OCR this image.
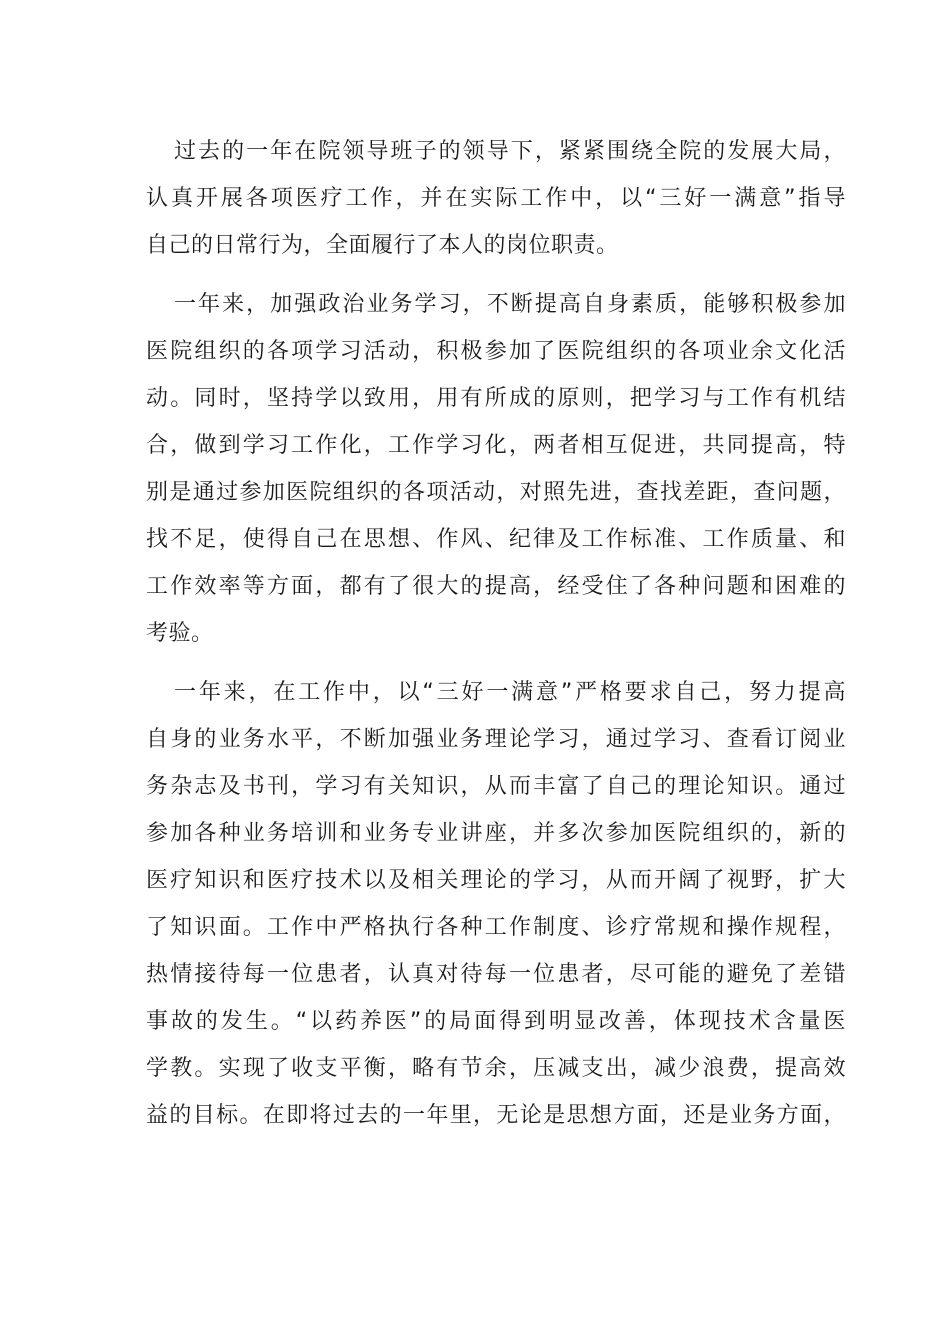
过去的一年在院领导班子的领导下，紧紧围绕全院的发展大局，
认真开展各项医疗工作，并在实际工作中，以“三好一满意”指导
自己的日常行为，全面履行了本人的岗位职责。
一年来，加强政治业务学习，不断提高自身素质，能够积极参加
医院组织的各项学习活动，积极参加了医院组织的各项业余文化活
动。同时，坚持学以致用，用有所成的原则，把学习与工作有机结
合，做到学习工作化，工作学习化，两者相互促进，共同提高，特
别是通过参加医院组织的各项活动，对照先进，查找差距，查问题，
找不足，使得自己在思想、作风、纪律及工作标准、工作质量、和
工作效率等方面，都有了很大的提高，经受住了各种问题和困难的
考验。
一年来，在工作中，以“三好一满意”严格要求自己，努力提高
自身的业务水平，不断加强业务理论学习，通过学习、查看订阅业
务杂志及书刊，学习有关知识，从而丰富了自己的理论知识。通过
参加各种业务培训和业务专业讲座，并多次参加医院组织的，新的
医疗知识和医疗技术以及相关理论的学习，从而开阔了视野，扩大
了知识面。工作中严格执行各种工作制度、诊疗常规和操作规程，
热情接待每一位患者，认真对待每一位患者，尽可能的避免了差错
事故的发生。“以药养医”的局面得到明显改善，体现技术含量医
学教。实现了收支平衡，略有节余，压减支出，减少浪费，提高效
益的目标。在即将过去的一年里，无论是思想方面，还是业务方面，
